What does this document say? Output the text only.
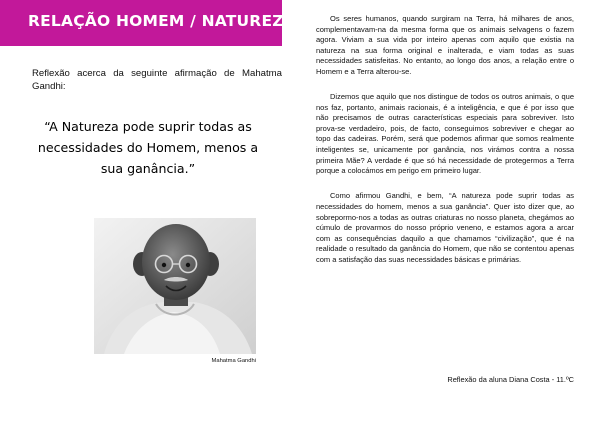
RELAÇÃO HOMEM / NATUREZA

Reflexão acerca da seguinte afirmação de Mahatma Gandhi:

“A Natureza pode suprir todas as necessidades do Homem, menos a sua ganância.”

Mahatma Gandhi

Os seres humanos, quando surgiram na Terra, há milhares de anos, complementavam-na da mesma forma que os animais selvagens o fazem agora. Viviam a sua vida por inteiro apenas com aquilo que existia na natureza na sua forma original e inalterada, e viam todas as suas necessidades satisfeitas. No entanto, ao longo dos anos, a relação entre o Homem e a Terra alterou-se.

Dizemos que aquilo que nos distingue de todos os outros animais, o que nos faz, portanto, animais racionais, é a inteligência, e que é por isso que não precisamos de outras características especiais para sobreviver. Isto prova-se verdadeiro, pois, de facto, conseguimos sobreviver e chegar ao topo das cadeiras. Porém, será que podemos afirmar que somos realmente inteligentes se, unicamente por ganância, nos virámos contra a nossa primeira Mãe? A verdade é que só há necessidade de protegermos a Terra porque a colocámos em perigo em primeiro lugar.

Como afirmou Gandhi, e bem, “A natureza pode suprir todas as necessidades do homem, menos a sua ganância”. Quer isto dizer que, ao sobrepormo-nos a todas as outras criaturas no nosso planeta, chegámos ao cúmulo de provarmos do nosso próprio veneno, e estamos agora a arcar com as consequências daquilo a que chamamos “civilização”, que é na realidade o resultado da ganância do Homem, que não se contentou apenas com a satisfação das suas necessidades básicas e primárias.

Reflexão da aluna Diana Costa - 11.ºC
